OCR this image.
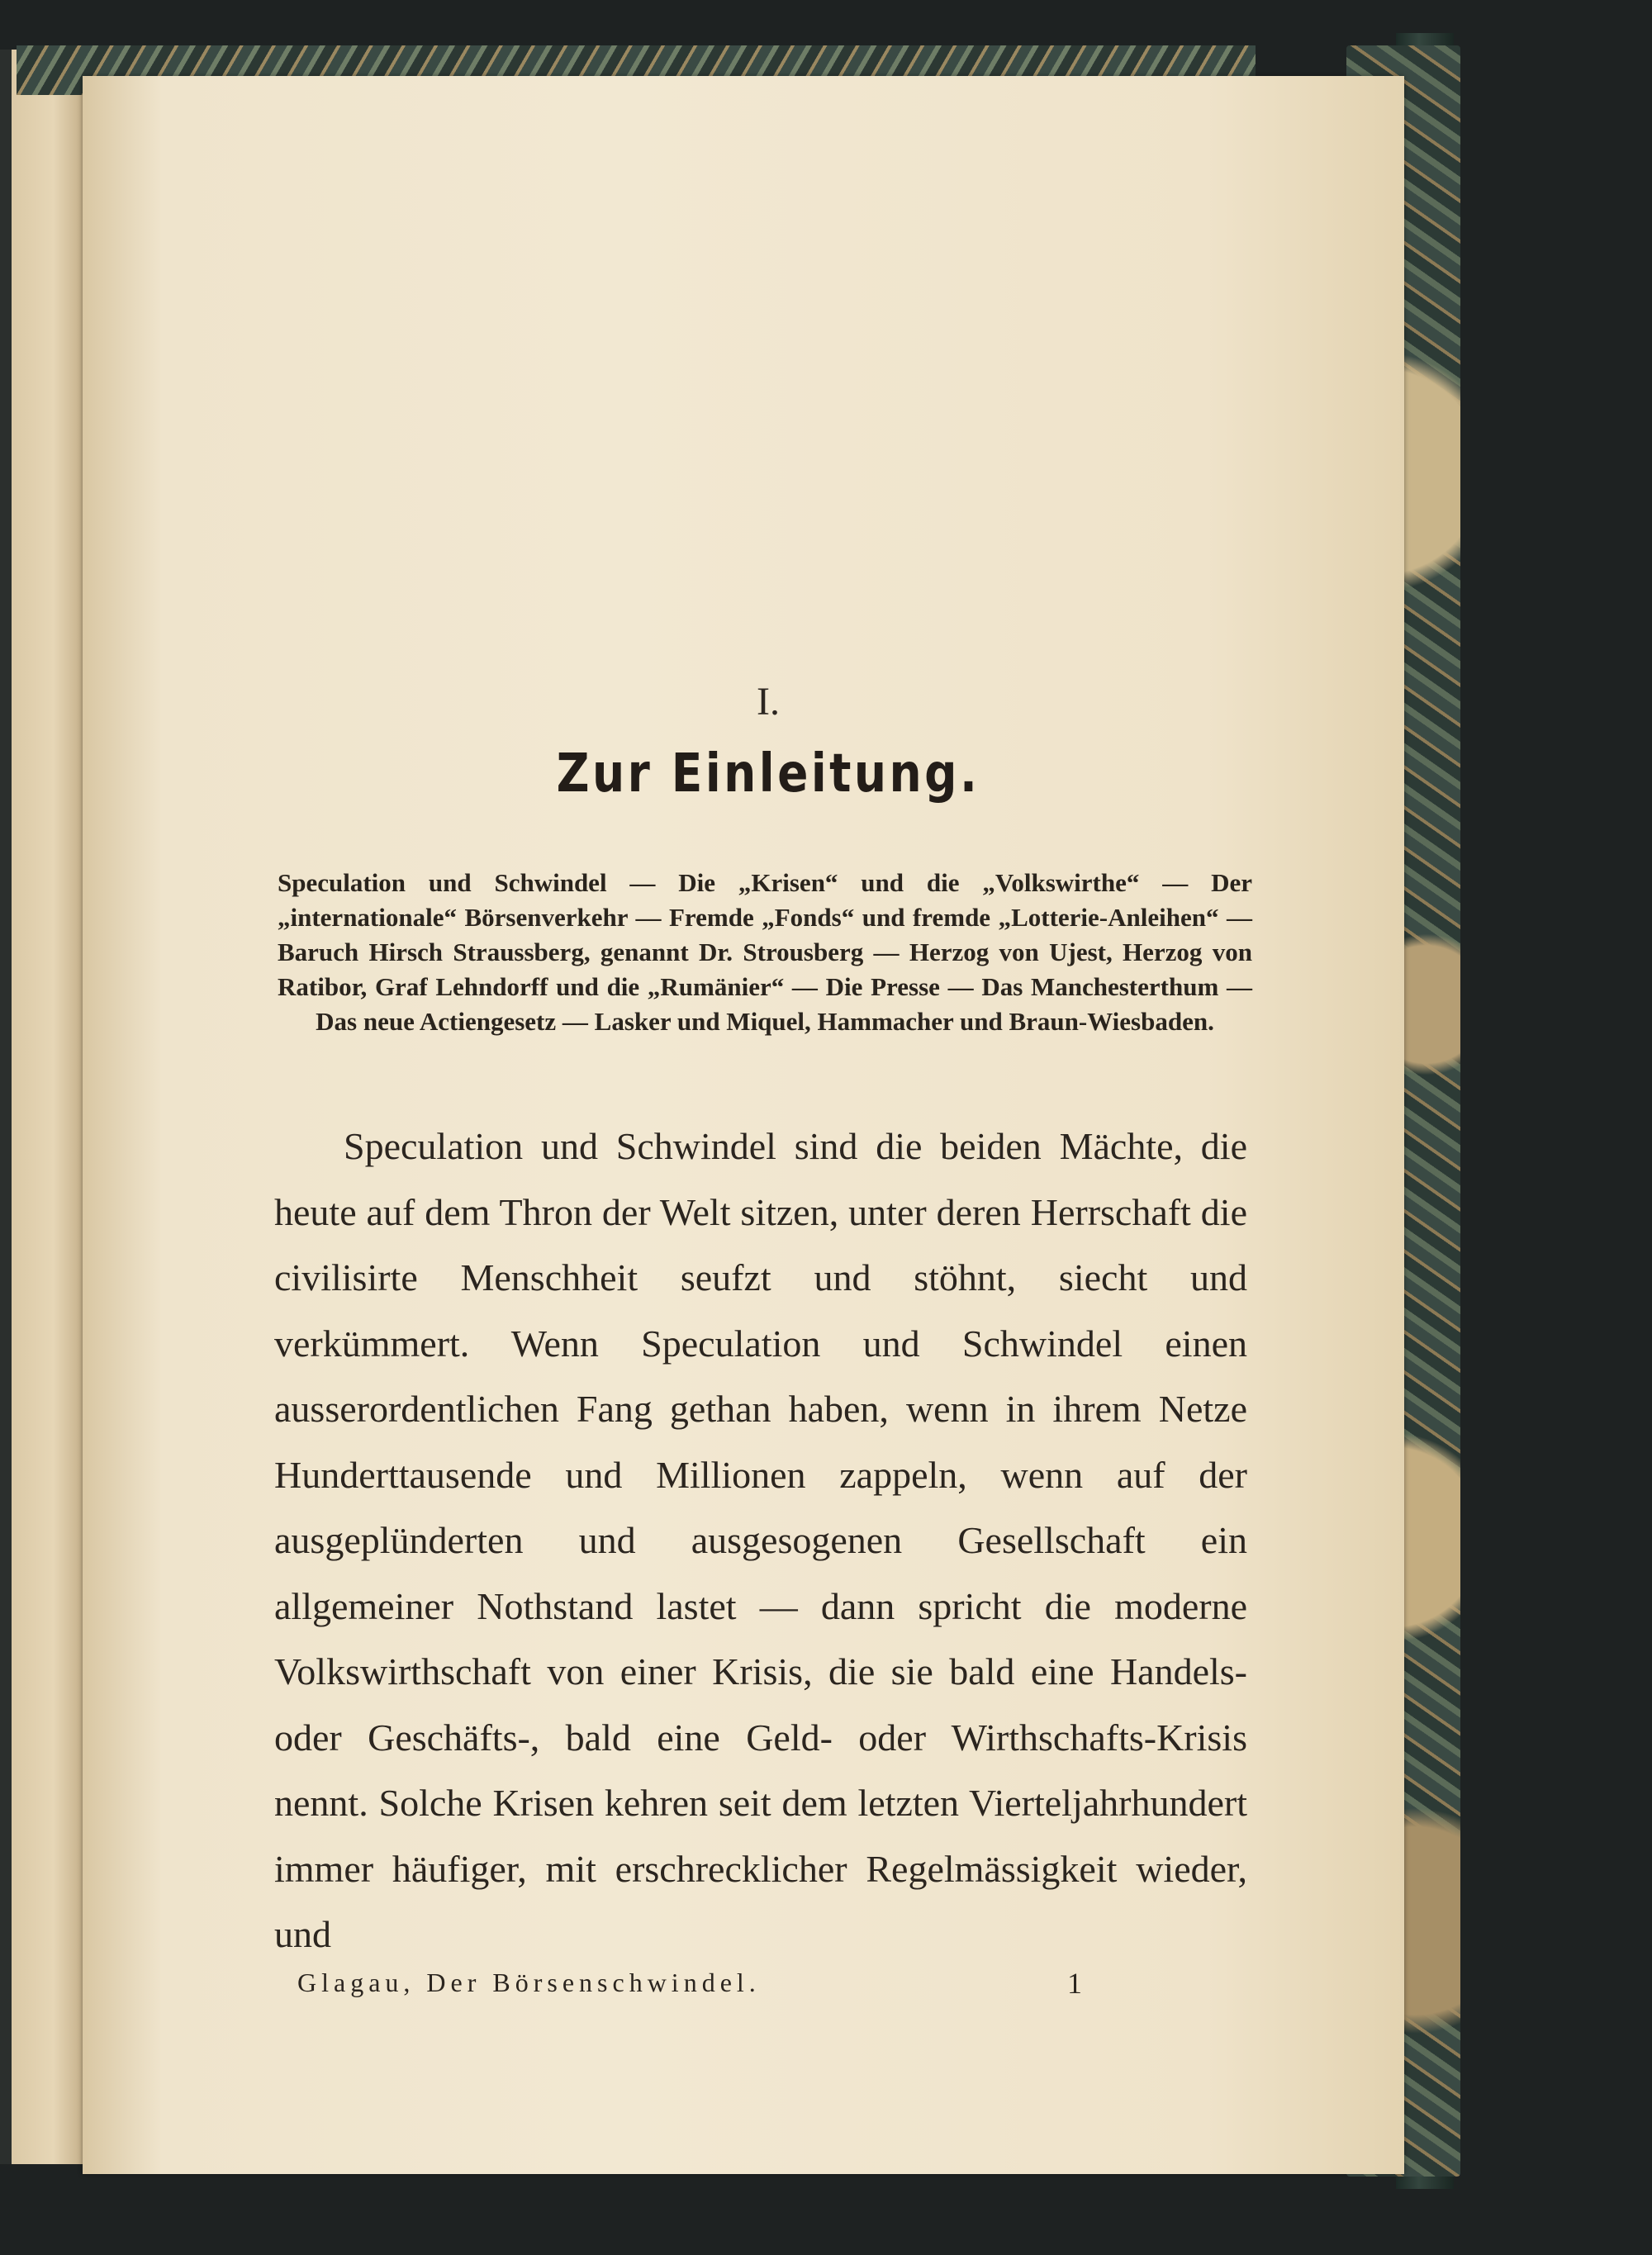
I.
Zur Einleitung.
Speculation und Schwindel — Die „Krisen“ und die „Volkswirthe“ — Der „internationale“ Börsenverkehr — Fremde „Fonds“ und fremde „Lotterie-Anleihen“ — Baruch Hirsch Straussberg, genannt Dr. Strousberg — Herzog von Ujest, Herzog von Ratibor, Graf Lehndorff und die „Rumänier“ — Die Presse — Das Manchesterthum — Das neue Actiengesetz — Lasker und Miquel, Hammacher und Braun-Wiesbaden.
Speculation und Schwindel sind die beiden Mächte, die heute auf dem Thron der Welt sitzen, unter deren Herrschaft die civilisirte Menschheit seufzt und stöhnt, siecht und verkümmert. Wenn Speculation und Schwindel einen ausserordentlichen Fang gethan haben, wenn in ihrem Netze Hunderttausende und Millionen zappeln, wenn auf der ausgeplünderten und ausgesogenen Gesellschaft ein allgemeiner Nothstand lastet — dann spricht die moderne Volkswirthschaft von einer Krisis, die sie bald eine Handels- oder Geschäfts-, bald eine Geld- oder Wirthschafts-Krisis nennt. Solche Krisen kehren seit dem letzten Vierteljahrhundert immer häufiger, mit erschrecklicher Regelmässigkeit wieder, und
Glagau, Der Börsenschwindel.	1
